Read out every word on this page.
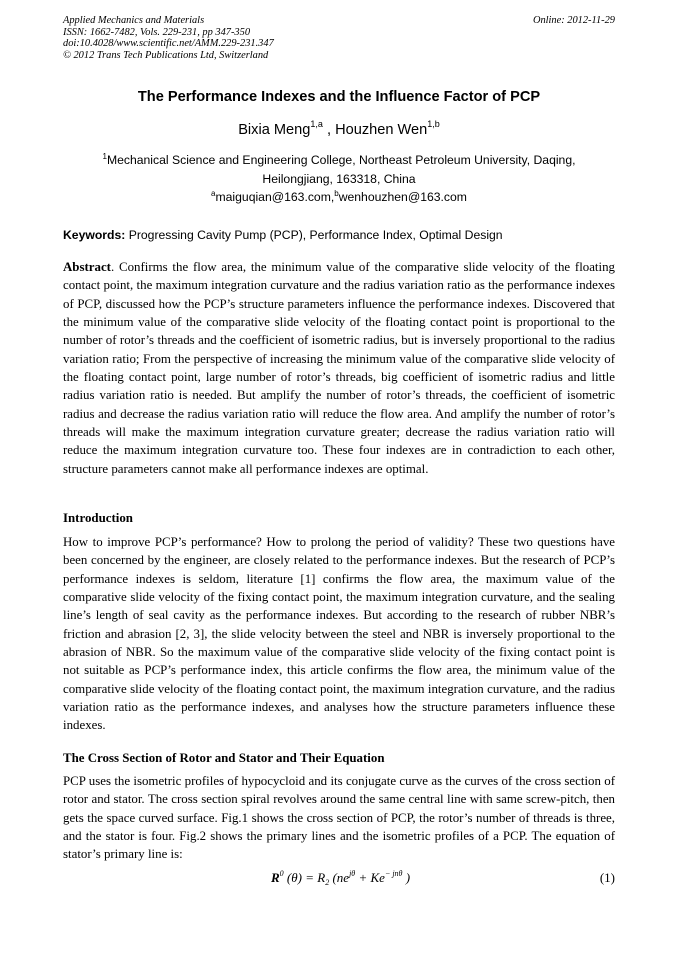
Applied Mechanics and Materials
ISSN: 1662-7482, Vols. 229-231, pp 347-350
doi:10.4028/www.scientific.net/AMM.229-231.347
© 2012 Trans Tech Publications Ltd, Switzerland
Online: 2012-11-29
The Performance Indexes and the Influence Factor of PCP
Bixia Meng$^{1,a}$ , Houzhen Wen$^{1,b}$
$^1$Mechanical Science and Engineering College, Northeast Petroleum University, Daqing,
Heilongjiang, 163318, China
$^a$maiguqian@163.com,$^b$wenhouzhen@163.com
Keywords: Progressing Cavity Pump (PCP), Performance Index, Optimal Design

Abstract. Confirms the flow area, the minimum value of the comparative slide velocity of the floating contact point, the maximum integration curvature and the radius variation ratio as the performance indexes of PCP, discussed how the PCP’s structure parameters influence the performance indexes. Discovered that the minimum value of the comparative slide velocity of the floating contact point is proportional to the number of rotor’s threads and the coefficient of isometric radius, but is inversely proportional to the radius variation ratio; From the perspective of increasing the minimum value of the comparative slide velocity of the floating contact point, large number of rotor’s threads, big coefficient of isometric radius and little radius variation ratio is needed. But amplify the number of rotor’s threads, the coefficient of isometric radius and decrease the radius variation ratio will reduce the flow area. And amplify the number of rotor’s threads will make the maximum integration curvature greater; decrease the radius variation ratio will reduce the maximum integration curvature too. These four indexes are in contradiction to each other, structure parameters cannot make all performance indexes are optimal.

Introduction

How to improve PCP’s performance? How to prolong the period of validity? These two questions have been concerned by the engineer, are closely related to the performance indexes. But the research of PCP’s performance indexes is seldom, literature [1] confirms the flow area, the maximum value of the comparative slide velocity of the fixing contact point, the maximum integration curvature, and the sealing line’s length of seal cavity as the performance indexes. But according to the research of rubber NBR’s friction and abrasion [2, 3], the slide velocity between the steel and NBR is inversely proportional to the abrasion of NBR. So the maximum value of the comparative slide velocity of the fixing contact point is not suitable as PCP’s performance index, this article confirms the flow area, the minimum value of the comparative slide velocity of the floating contact point, the maximum integration curvature, and the radius variation ratio as the performance indexes, and analyses how the structure parameters influence these indexes.

The Cross Section of Rotor and Stator and Their Equation

PCP uses the isometric profiles of hypocycloid and its conjugate curve as the curves of the cross section of rotor and stator. The cross section spiral revolves around the same central line with same screw-pitch, then gets the space curved surface. Fig.1 shows the cross section of PCP, the rotor’s number of threads is three, and the stator is four. Fig.2 shows the primary lines and the isometric profiles of a PCP. The equation of stator’s primary line is:

$R^0$ $(\theta) = R_2$ ($ne^{j\theta} + Ke^{- jn\theta}$ )	(1)
